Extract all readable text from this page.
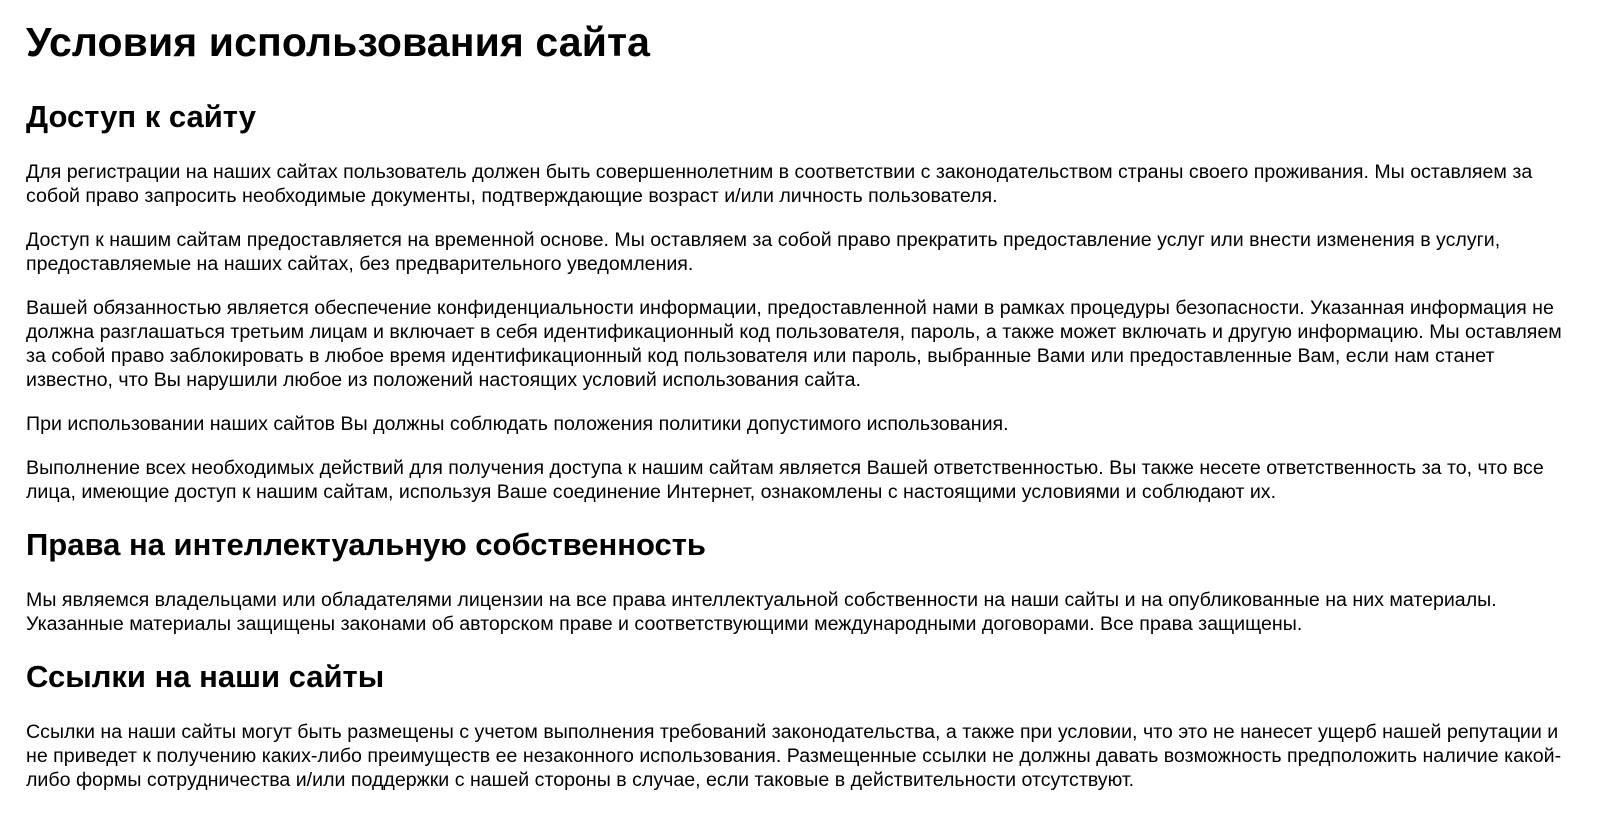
Условия использования сайта
Доступ к сайту

Для регистрации на наших сайтах пользователь должен быть совершеннолетним в соответствии с законодательством страны своего проживания. Мы оставляем за собой право запросить необходимые документы, подтверждающие возраст и/или личность пользователя.

Доступ к нашим сайтам предоставляется на временной основе. Мы оставляем за собой право прекратить предоставление услуг или внести изменения в услуги, предоставляемые на наших сайтах, без предварительного уведомления.

Вашей обязанностью является обеспечение конфиденциальности информации, предоставленной нами в рамках процедуры безопасности. Указанная информация не должна разглашаться третьим лицам и включает в себя идентификационный код пользователя, пароль, а также может включать и другую информацию. Мы оставляем за собой право заблокировать в любое время идентификационный код пользователя или пароль, выбранные Вами или предоставленные Вам, если нам станет известно, что Вы нарушили любое из положений настоящих условий использования сайта.

При использовании наших сайтов Вы должны соблюдать положения политики допустимого использования.

Выполнение всех необходимых действий для получения доступа к нашим сайтам является Вашей ответственностью. Вы также несете ответственность за то, что все лица, имеющие доступ к нашим сайтам, используя Ваше соединение Интернет, ознакомлены с настоящими условиями и соблюдают их.

Права на интеллектуальную собственность

Мы являемся владельцами или обладателями лицензии на все права интеллектуальной собственности на наши сайты и на опубликованные на них материалы. Указанные материалы защищены законами об авторском праве и соответствующими международными договорами. Все права защищены.

Ссылки на наши сайты

Ссылки на наши сайты могут быть размещены с учетом выполнения требований законодательства, а также при условии, что это не нанесет ущерб нашей репутации и не приведет к получению каких-либо преимуществ ее незаконного использования. Размещенные ссылки не должны давать возможность предположить наличие какой-либо формы сотрудничества и/или поддержки с нашей стороны в случае, если таковые в действительности отсутствуют.
